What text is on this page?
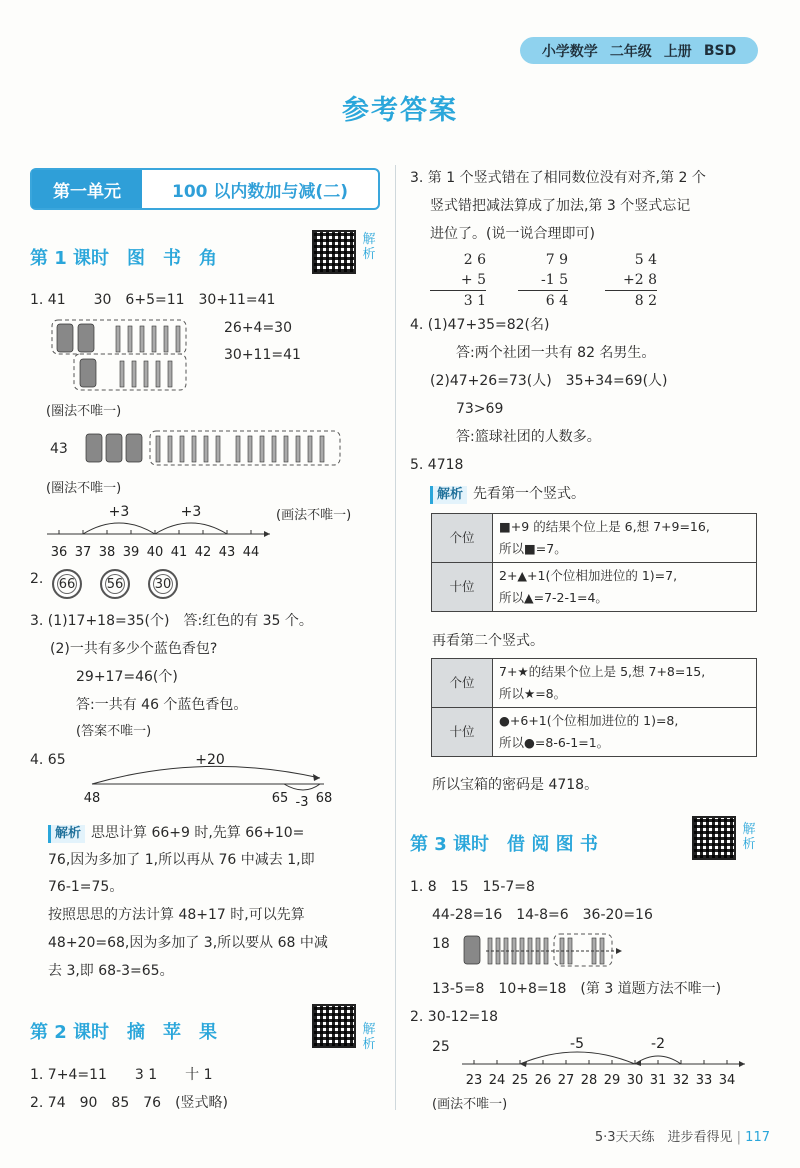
小学数学 二年级 上册 BSD
参考答案
第一单元	100 以内数加与减(二)
第 1 课时　图　书　角
解析
1. 41　　30　6+5=11　30+11=41
26+4=30
30+11=41
(圈法不唯一)
43
(圈法不唯一)
+3	+3
36 37 38 39 40 41 42 43 44
(画法不唯一)
2.	66	56	30
3. (1)17+18=35(个)　答:红色的有 35 个。
(2)一共有多少个蓝色香包?
29+17=46(个)
答:一共有 46 个蓝色香包。
(答案不唯一)
4. 65	+20
48	65 -3 68
解析 思思计算 66+9 时,先算 66+10=
76,因为多加了 1,所以再从 76 中减去 1,即
76-1=75。
按照思思的方法计算 48+17 时,可以先算
48+20=68,因为多加了 3,所以要从 68 中减
去 3,即 68-3=65。
第 2 课时　摘　苹　果	解析
1. 7+4=11　　3 1　　十 1
2. 74　90　85　76　(竖式略)
3. 第 1 个竖式错在了相同数位没有对齐,第 2 个
竖式错把减法算成了加法,第 3 个竖式忘记
进位了。(说一说合理即可)
2 6
+ 5
3 1
7 9
-1 5
6 4
5 4
+2 8
8 2
4. (1)47+35=82(名)
答:两个社团一共有 82 名男生。
(2)47+26=73(人)　35+34=69(人)
73>69
答:篮球社团的人数多。
5. 4718
解析 先看第一个竖式。
个位	■+9 的结果个位上是 6,想 7+9=16,
所以■=7。

十位	2+▲+1(个位相加进位的 1)=7,
所以▲=7-2-1=4。
再看第二个竖式。
个位	7+★的结果个位上是 5,想 7+8=15,
所以★=8。

十位	●+6+1(个位相加进位的 1)=8,
所以●=8-6-1=1。
所以宝箱的密码是 4718。
第 3 课时　借 阅 图 书
解析
1. 8　15　15-7=8
44-28=16　14-8=6　36-20=16
18
13-5=8　10+8=18　(第 3 道题方法不唯一)
2. 30-12=18
25	-5	-2
23 24 25 26 27 28 29 30 31 32 33 34
(画法不唯一)
5·3天天练　进步看得见 | 117
